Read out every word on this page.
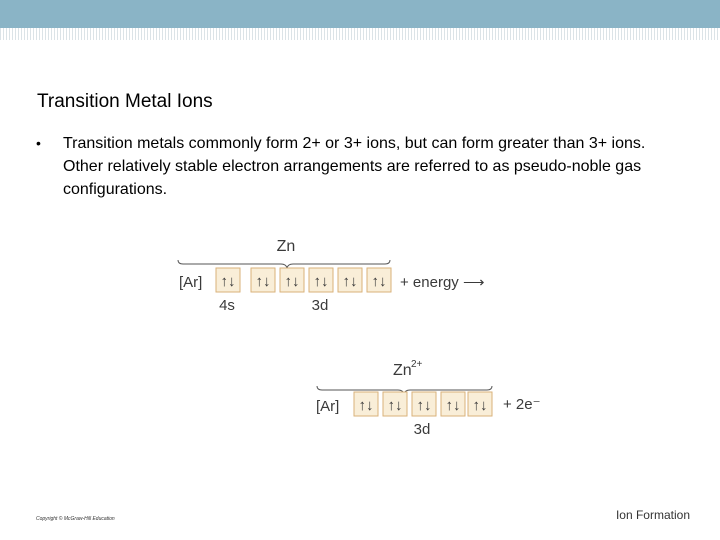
Transition Metal Ions
• Transition metals commonly form 2+ or 3+ ions, but can form greater than 3+ ions. Other relatively stable electron arrangements are referred to as pseudo-noble gas configurations.
Zn
[Ar] ↑↓ ↑↓ ↑↓ ↑↓ ↑↓ ↑↓ + energy ⟶
4s	3d
Zn 2+
[Ar] ↑↓ ↑↓ ↑↓ ↑↓ ↑↓ + 2e⁻
3d
Copyright © McGraw-Hill Education	Ion Formation
